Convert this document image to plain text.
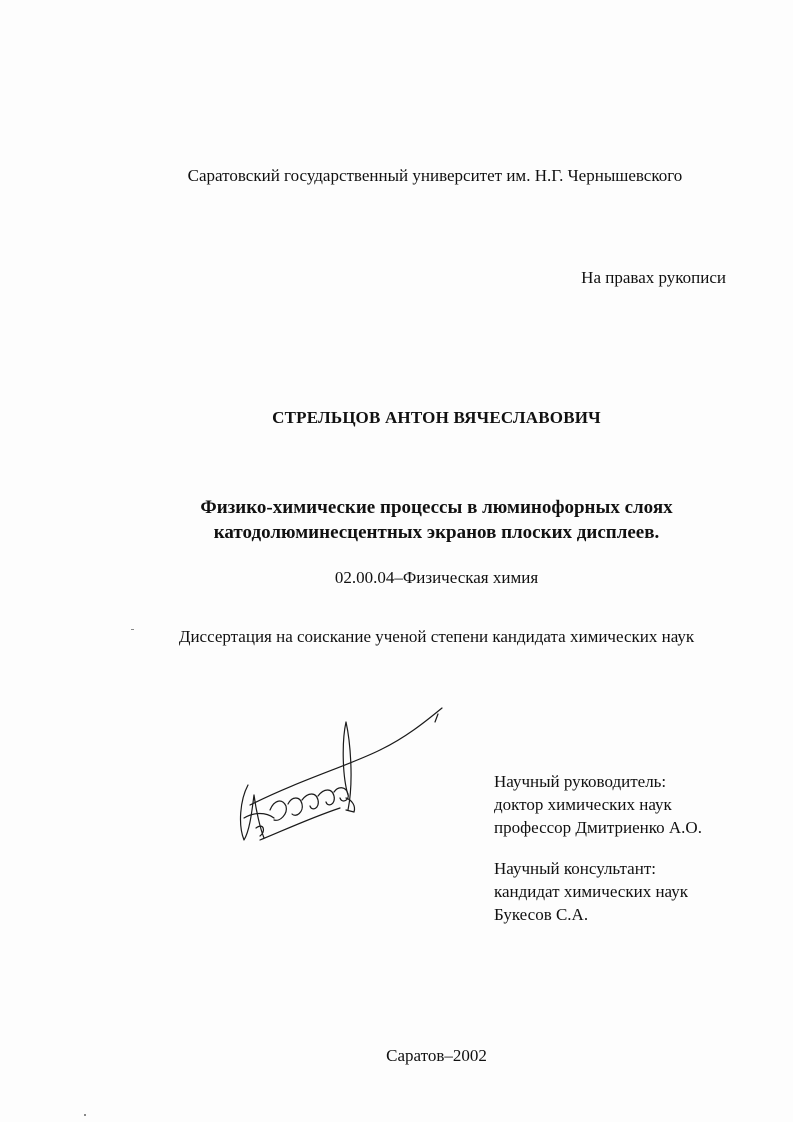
Саратовский государственный университет им. Н.Г. Чернышевского
На правах рукописи
СТРЕЛЬЦОВ АНТОН ВЯЧЕСЛАВОВИЧ
Физико-химические процессы в люминофорных слоях
катодолюминесцентных экранов плоских дисплеев.
02.00.04–Физическая химия
Диссертация на соискание ученой степени кандидата химических наук
Научный руководитель:
доктор химических наук
профессор Дмитриенко А.О.
Научный консультант:
кандидат химических наук
Букесов С.А.
Саратов–2002
